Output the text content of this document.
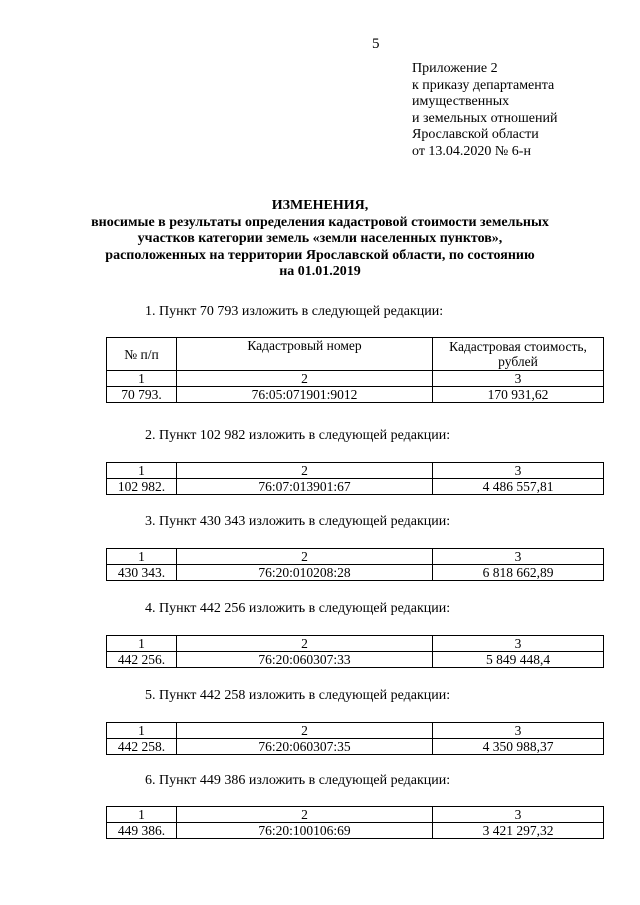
5
Приложение 2
к приказу департамента
имущественных
и земельных отношений
Ярославской области
от 13.04.2020 № 6-н
ИЗМЕНЕНИЯ,
вносимые в результаты определения кадастровой стоимости земельных
участков категории земель «земли населенных пунктов»,
расположенных на территории Ярославской области, по состоянию
на 01.01.2019
1. Пункт 70 793 изложить в следующей редакции:
№ п/п	Кадастровый номер	Кадастровая стоимость, рублей
1	2	3
70 793.	76:05:071901:9012	170 931,62
2. Пункт 102 982 изложить в следующей редакции:
1	2	3
102 982.	76:07:013901:67	4 486 557,81
3. Пункт 430 343 изложить в следующей редакции:
1	2	3
430 343.	76:20:010208:28	6 818 662,89
4. Пункт 442 256 изложить в следующей редакции:
1	2	3
442 256.	76:20:060307:33	5 849 448,4
5. Пункт 442 258 изложить в следующей редакции:
1	2	3
442 258.	76:20:060307:35	4 350 988,37
6. Пункт 449 386 изложить в следующей редакции:
1	2	3
449 386.	76:20:100106:69	3 421 297,32
